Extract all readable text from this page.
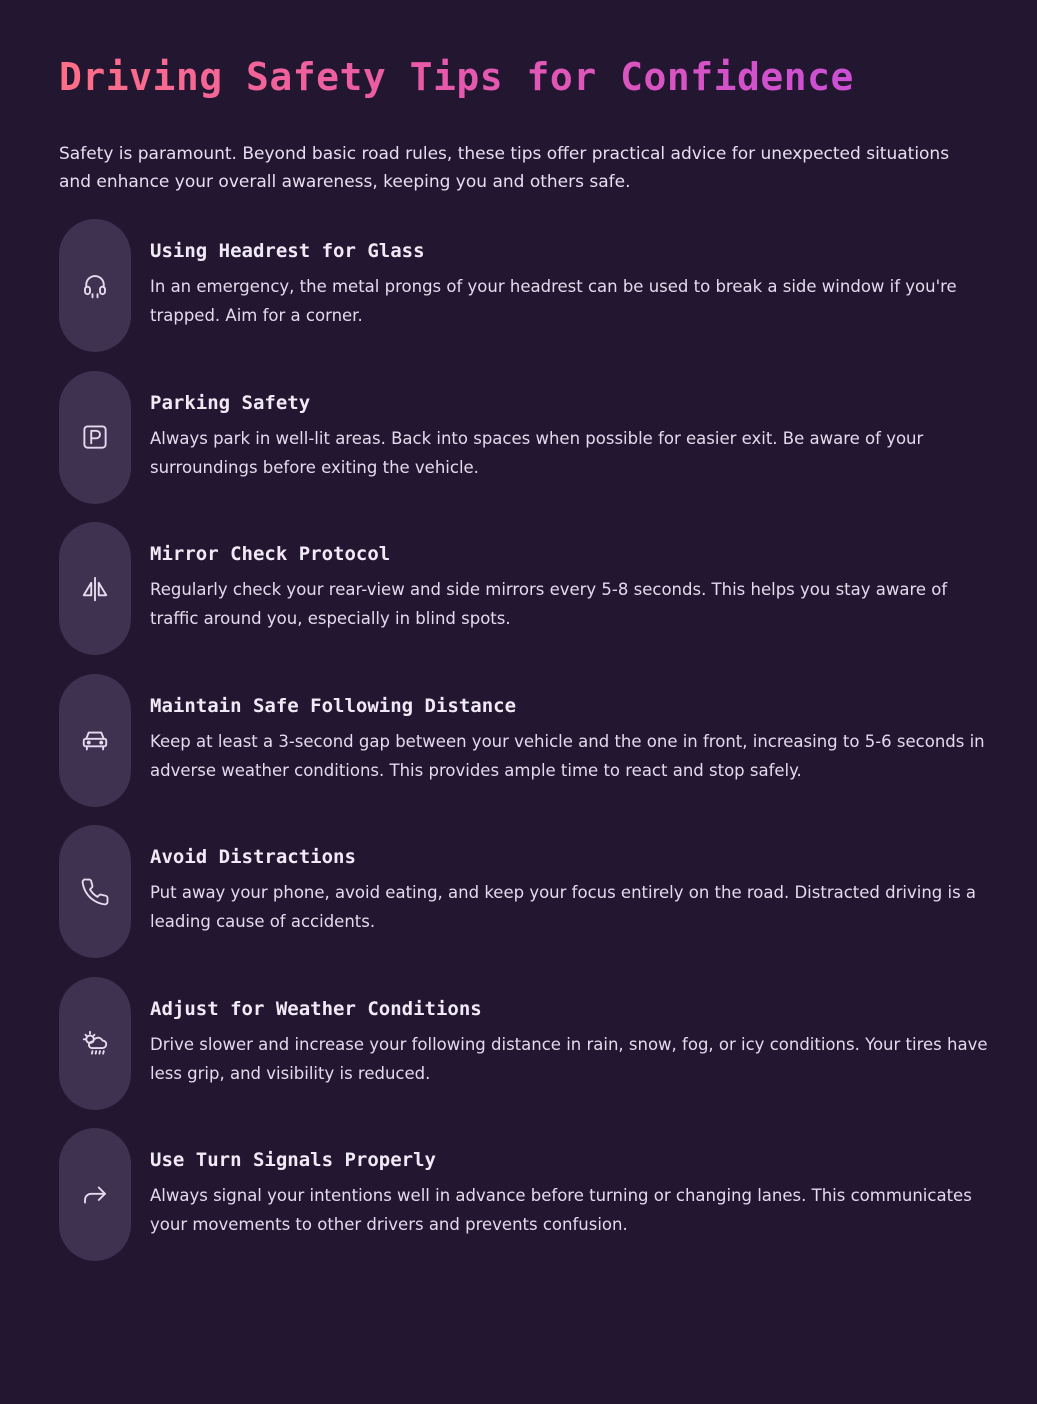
Driving Safety Tips for Confidence

Safety is paramount. Beyond basic road rules, these tips offer practical advice for unexpected situations and enhance your overall awareness, keeping you and others safe.

Using Headrest for Glass

In an emergency, the metal prongs of your headrest can be used to break a side window if you're trapped. Aim for a corner.

Parking Safety

Always park in well-lit areas. Back into spaces when possible for easier exit. Be aware of your surroundings before exiting the vehicle.

Mirror Check Protocol

Regularly check your rear-view and side mirrors every 5-8 seconds. This helps you stay aware of traffic around you, especially in blind spots.

Maintain Safe Following Distance

Keep at least a 3-second gap between your vehicle and the one in front, increasing to 5-6 seconds in adverse weather conditions. This provides ample time to react and stop safely.

Avoid Distractions

Put away your phone, avoid eating, and keep your focus entirely on the road. Distracted driving is a leading cause of accidents.

Adjust for Weather Conditions

Drive slower and increase your following distance in rain, snow, fog, or icy conditions. Your tires have less grip, and visibility is reduced.

Use Turn Signals Properly

Always signal your intentions well in advance before turning or changing lanes. This communicates your movements to other drivers and prevents confusion.
